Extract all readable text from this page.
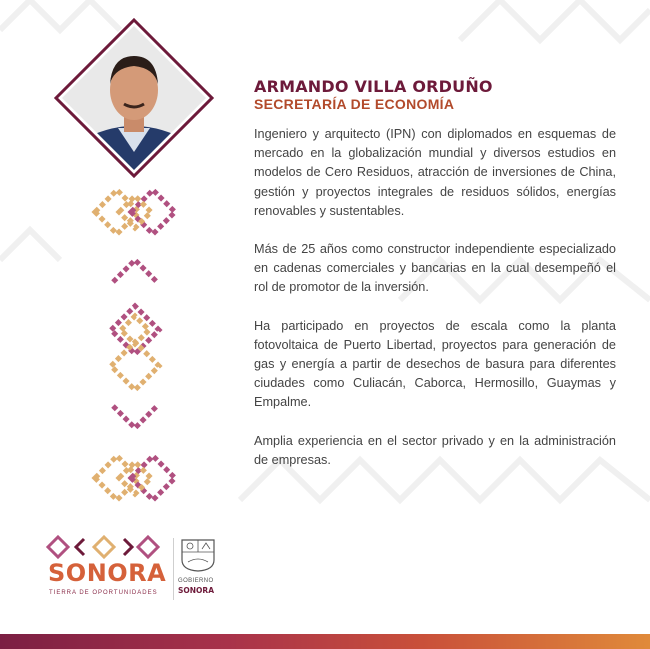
ARMANDO VILLA ORDUÑO
SECRETARÍA DE ECONOMÍA

Ingeniero y arquitecto (IPN) con diplomados en esquemas de mercado en la globalización mundial y diversos estudios en modelos de Cero Residuos, atracción de inversiones de China, gestión y proyectos integrales de residuos sólidos, energías renovables y sustentables.

Más de 25 años como constructor independiente especializado en cadenas comerciales y bancarias en la cual desempeñó el rol de promotor de la inversión.

Ha participado en proyectos de escala como la planta fotovoltaica de Puerto Libertad, proyectos para generación de gas y energía a partir de desechos de basura para diferentes ciudades como Culiacán, Caborca, Hermosillo, Guaymas y Empalme.

Amplia experiencia en el sector privado y en la administración de empresas.

SONORA

TIERRA DE OPORTUNIDADES

GOBIERNO

SONORA
